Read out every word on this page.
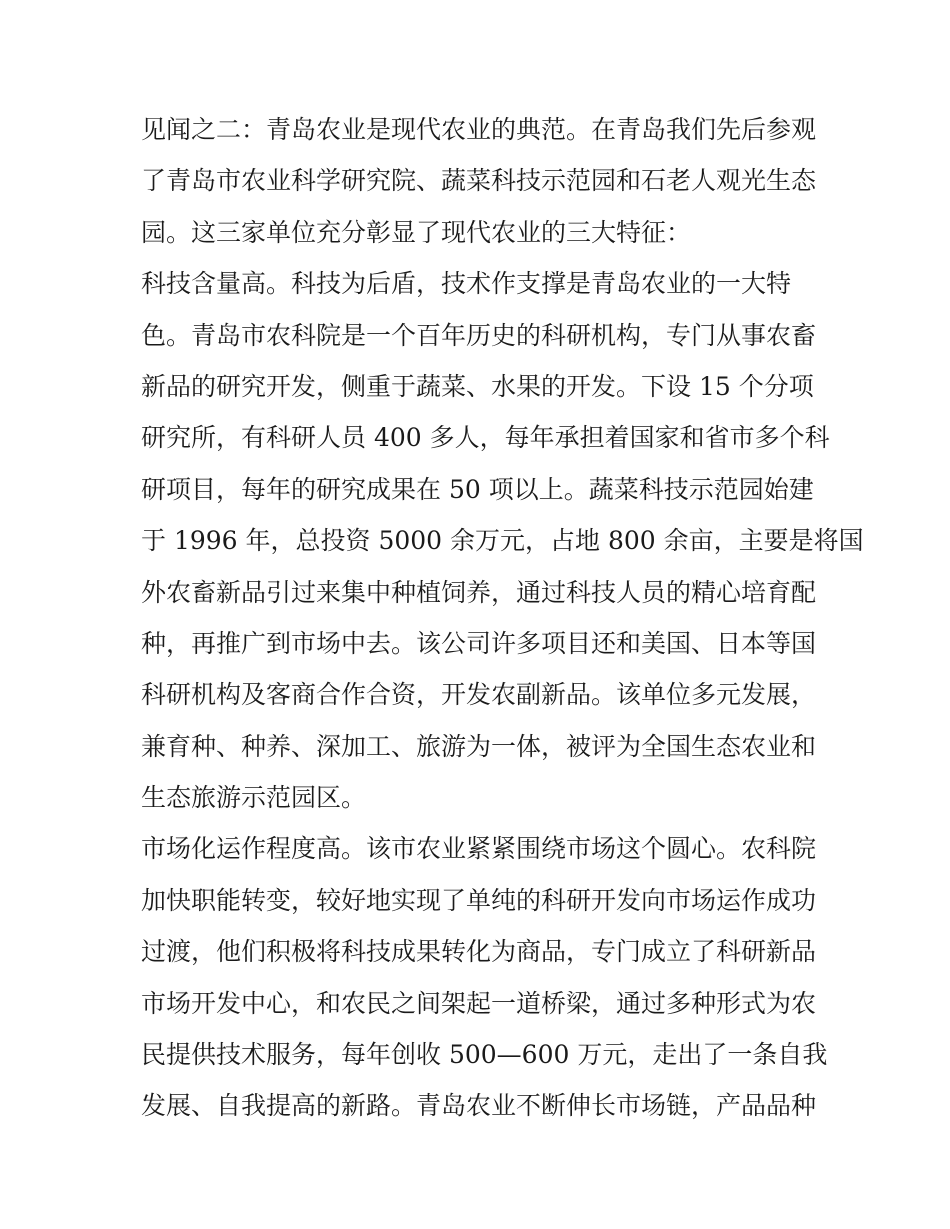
见闻之二：青岛农业是现代农业的典范。在青岛我们先后参观
了青岛市农业科学研究院、蔬菜科技示范园和石老人观光生态
园。这三家单位充分彰显了现代农业的三大特征：
科技含量高。科技为后盾，技术作支撑是青岛农业的一大特
色。青岛市农科院是一个百年历史的科研机构，专门从事农畜
新品的研究开发，侧重于蔬菜、水果的开发。下设 15 个分项
研究所，有科研人员 400 多人，每年承担着国家和省市多个科
研项目，每年的研究成果在 50 项以上。蔬菜科技示范园始建
于 1996 年，总投资 5000 余万元，占地 800 余亩，主要是将国
外农畜新品引过来集中种植饲养，通过科技人员的精心培育配
种，再推广到市场中去。该公司许多项目还和美国、日本等国
科研机构及客商合作合资，开发农副新品。该单位多元发展，
兼育种、种养、深加工、旅游为一体，被评为全国生态农业和
生态旅游示范园区。
市场化运作程度高。该市农业紧紧围绕市场这个圆心。农科院
加快职能转变，较好地实现了单纯的科研开发向市场运作成功
过渡，他们积极将科技成果转化为商品，专门成立了科研新品
市场开发中心，和农民之间架起一道桥梁，通过多种形式为农
民提供技术服务，每年创收 500—600 万元，走出了一条自我
发展、自我提高的新路。青岛农业不断伸长市场链，产品品种
